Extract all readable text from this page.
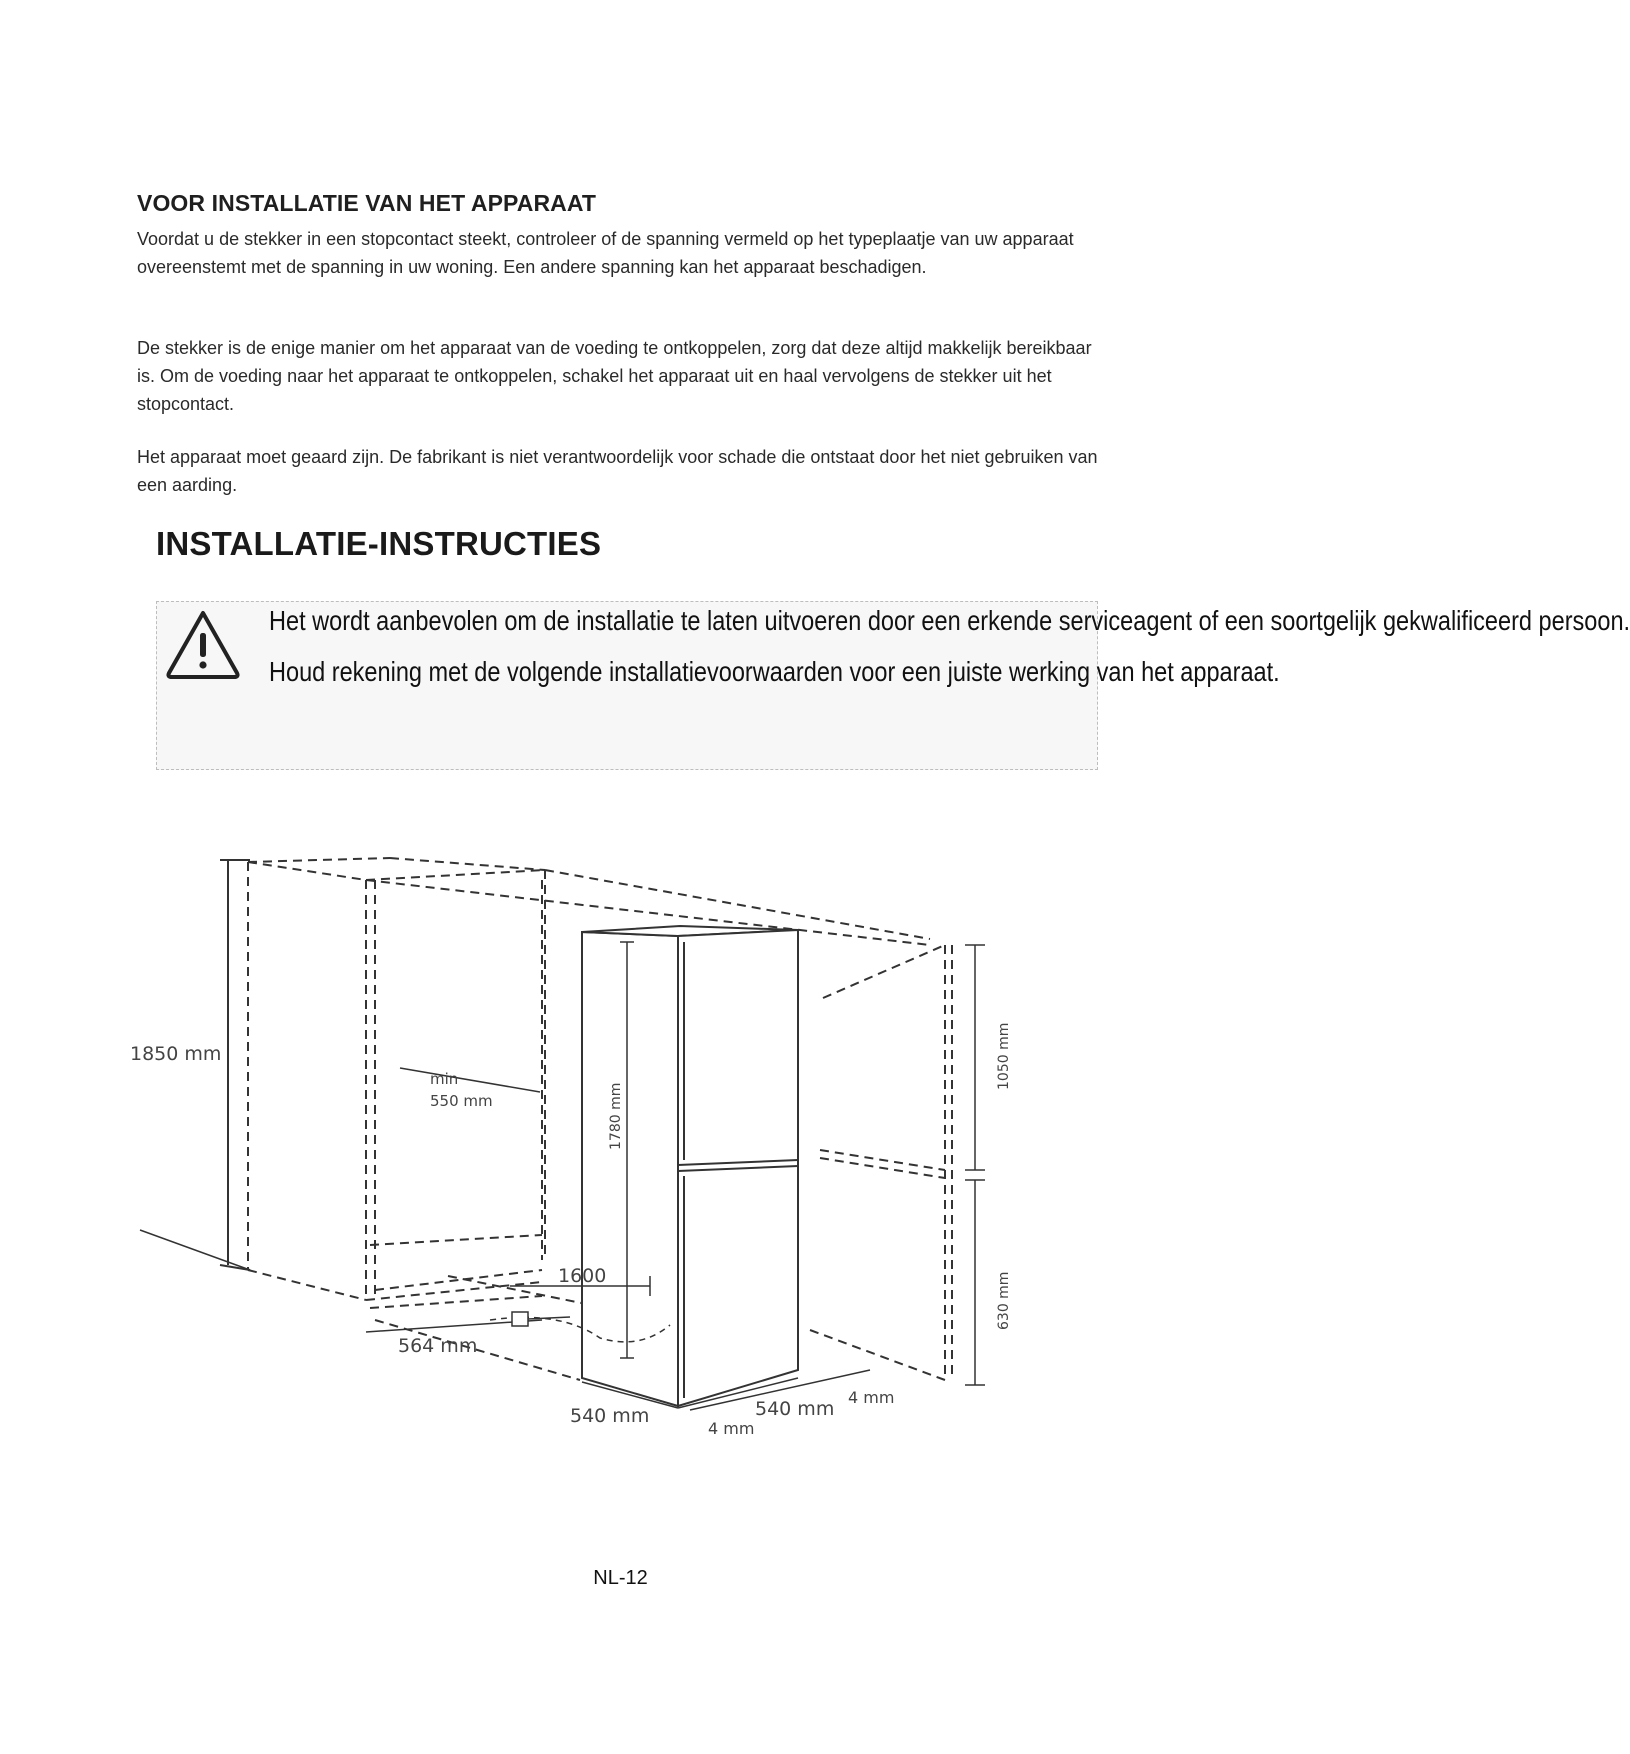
VOOR INSTALLATIE VAN HET APPARAAT

Voordat u de stekker in een stopcontact steekt, controleer of de spanning vermeld op het typeplaatje van uw apparaat overeenstemt met de spanning in uw woning. Een andere spanning kan het apparaat beschadigen.

De stekker is de enige manier om het apparaat van de voeding te ontkoppelen, zorg dat deze altijd makkelijk bereikbaar is. Om de voeding naar het apparaat te ontkoppelen, schakel het apparaat uit en haal vervolgens de stekker uit het stopcontact.

Het apparaat moet geaard zijn. De fabrikant is niet verantwoordelijk voor schade die ontstaat door het niet gebruiken van een aarding.

INSTALLATIE-INSTRUCTIES

Het wordt aanbevolen om de installatie te laten uitvoeren door een erkende serviceagent of een soortgelijk gekwalificeerd persoon.

Houd rekening met de volgende installatievoorwaarden voor een juiste werking van het apparaat.

1850 mm
min
550 mm
564 mm
1600
1780 mm
540 mm	540 mm
4 mm
4 mm
1050 mm
630 mm
NL-12
